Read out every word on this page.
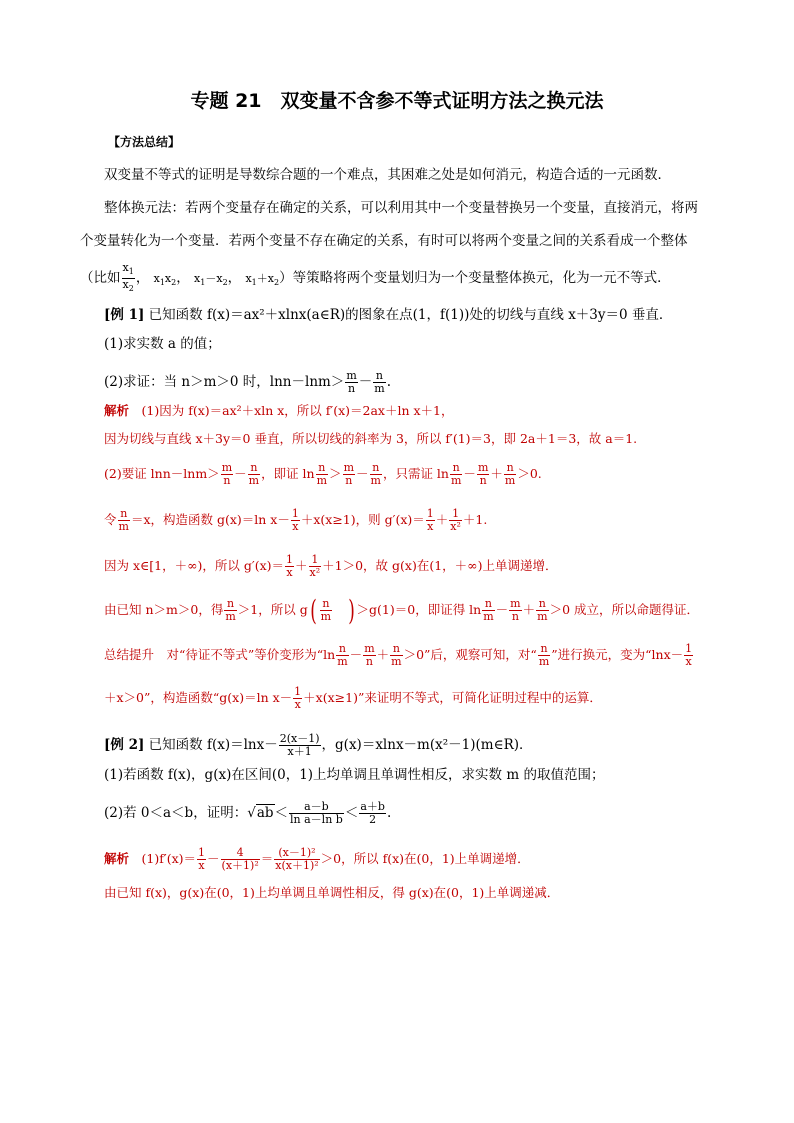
专题 21　双变量不含参不等式证明方法之换元法
【方法总结】
双变量不等式的证明是导数综合题的一个难点，其困难之处是如何消元，构造合适的一元函数．
整体换元法：若两个变量存在确定的关系，可以利用其中一个变量替换另一个变量，直接消元，将两
个变量转化为一个变量．若两个变量不存在确定的关系，有时可以将两个变量之间的关系看成一个整体
（比如 $\frac{x_1}{x_2}$ ， $x_1x_2$， $x_1-x_2$， $x_1+x_2$）等策略将两个变量划归为一个变量整体换元，化为一元不等式．
[例 1] 已知函数 f(x)＝ax²＋xlnx(a∈R)的图象在点(1，f(1))处的切线与直线 x＋3y＝0 垂直．
(1)求实数 a 的值；
(2)求证：当 n＞m＞0 时，$\ln n-\ln m> \frac{m}{n} - \frac{n}{m}$ .
解析　 (1)因为 f(x)＝ax²＋xln x，所以 f′(x)＝2ax＋ln x＋1，
因为切线与直线 x＋3y＝0 垂直，所以切线的斜率为 3，所以 f′(1)＝3，即 2a＋1＝3，故 a＝1.
(2)要证 $\ln n-\ln m> \frac{m}{n} - \frac{n}{m}$ ，即证 $\ln \frac{n}{m} > \frac{m}{n} - \frac{n}{m}$ ，只需证 $\ln \frac{n}{m} - \frac{m}{n} + \frac{n}{m} >0$.
令 $\frac{n}{m} =x$，构造函数 g(x)＝ln $x- \frac{1}{x} +x(x\ge 1)$，则 $g'(x)= \frac{1}{x} + \frac{1}{\text{x²}} +1$.
因为 x∈[1，＋∞)，所以 $g'(x)= \frac{1}{x} + \frac{1}{\text{x²}} +1>0$，故 g(x)在(1，＋∞)上单调递增．
由已知 n＞m＞0，得 $\frac{n}{m} >1$，所以 $g( \frac{n}{m}$
  ) ＞g(1)＝0，即证得 $\ln \frac{n}{m} - \frac{m}{n} + \frac{n}{m} >0$ 成立，所以命题得证．
总结提升　对“待证不等式”等价变形为“$\ln \frac{n}{m} - \frac{m}{n} + \frac{n}{m} >0$”后，观察可知，对“ $\frac{n}{m}$ ”进行换元，变为“$\ln x- \frac{1}{x}$
＋x＞0”，构造函数“g(x)＝ln $x- \frac{1}{x} +x(x\ge 1)$”来证明不等式，可简化证明过程中的运算．
[例 2] 已知函数 $f(x)=\ln x- \frac{2(x-1)}{x+1}$ ，g(x)＝xlnx－m(x²－1)(m∈R)．
(1)若函数 f(x)，g(x)在区间(0，1)上均单调且单调性相反，求实数 m 的取值范围；
(2)若 0＜a＜b，证明：$√ab< \frac{a-b}{\text{ln a－ln b}} < \frac{a+b}{2}$ .
解析　 $(1)f'(x)= \frac{1}{x} - \frac{4}{\text{(x＋1)²}} = \frac{\text{(x－1)²}}{\text{x(x＋1)²}} >0$，所以 f(x)在(0，1)上单调递增．
由已知 f(x)，g(x)在(0，1)上均单调且单调性相反，得 g(x)在(0，1)上单调递减．
